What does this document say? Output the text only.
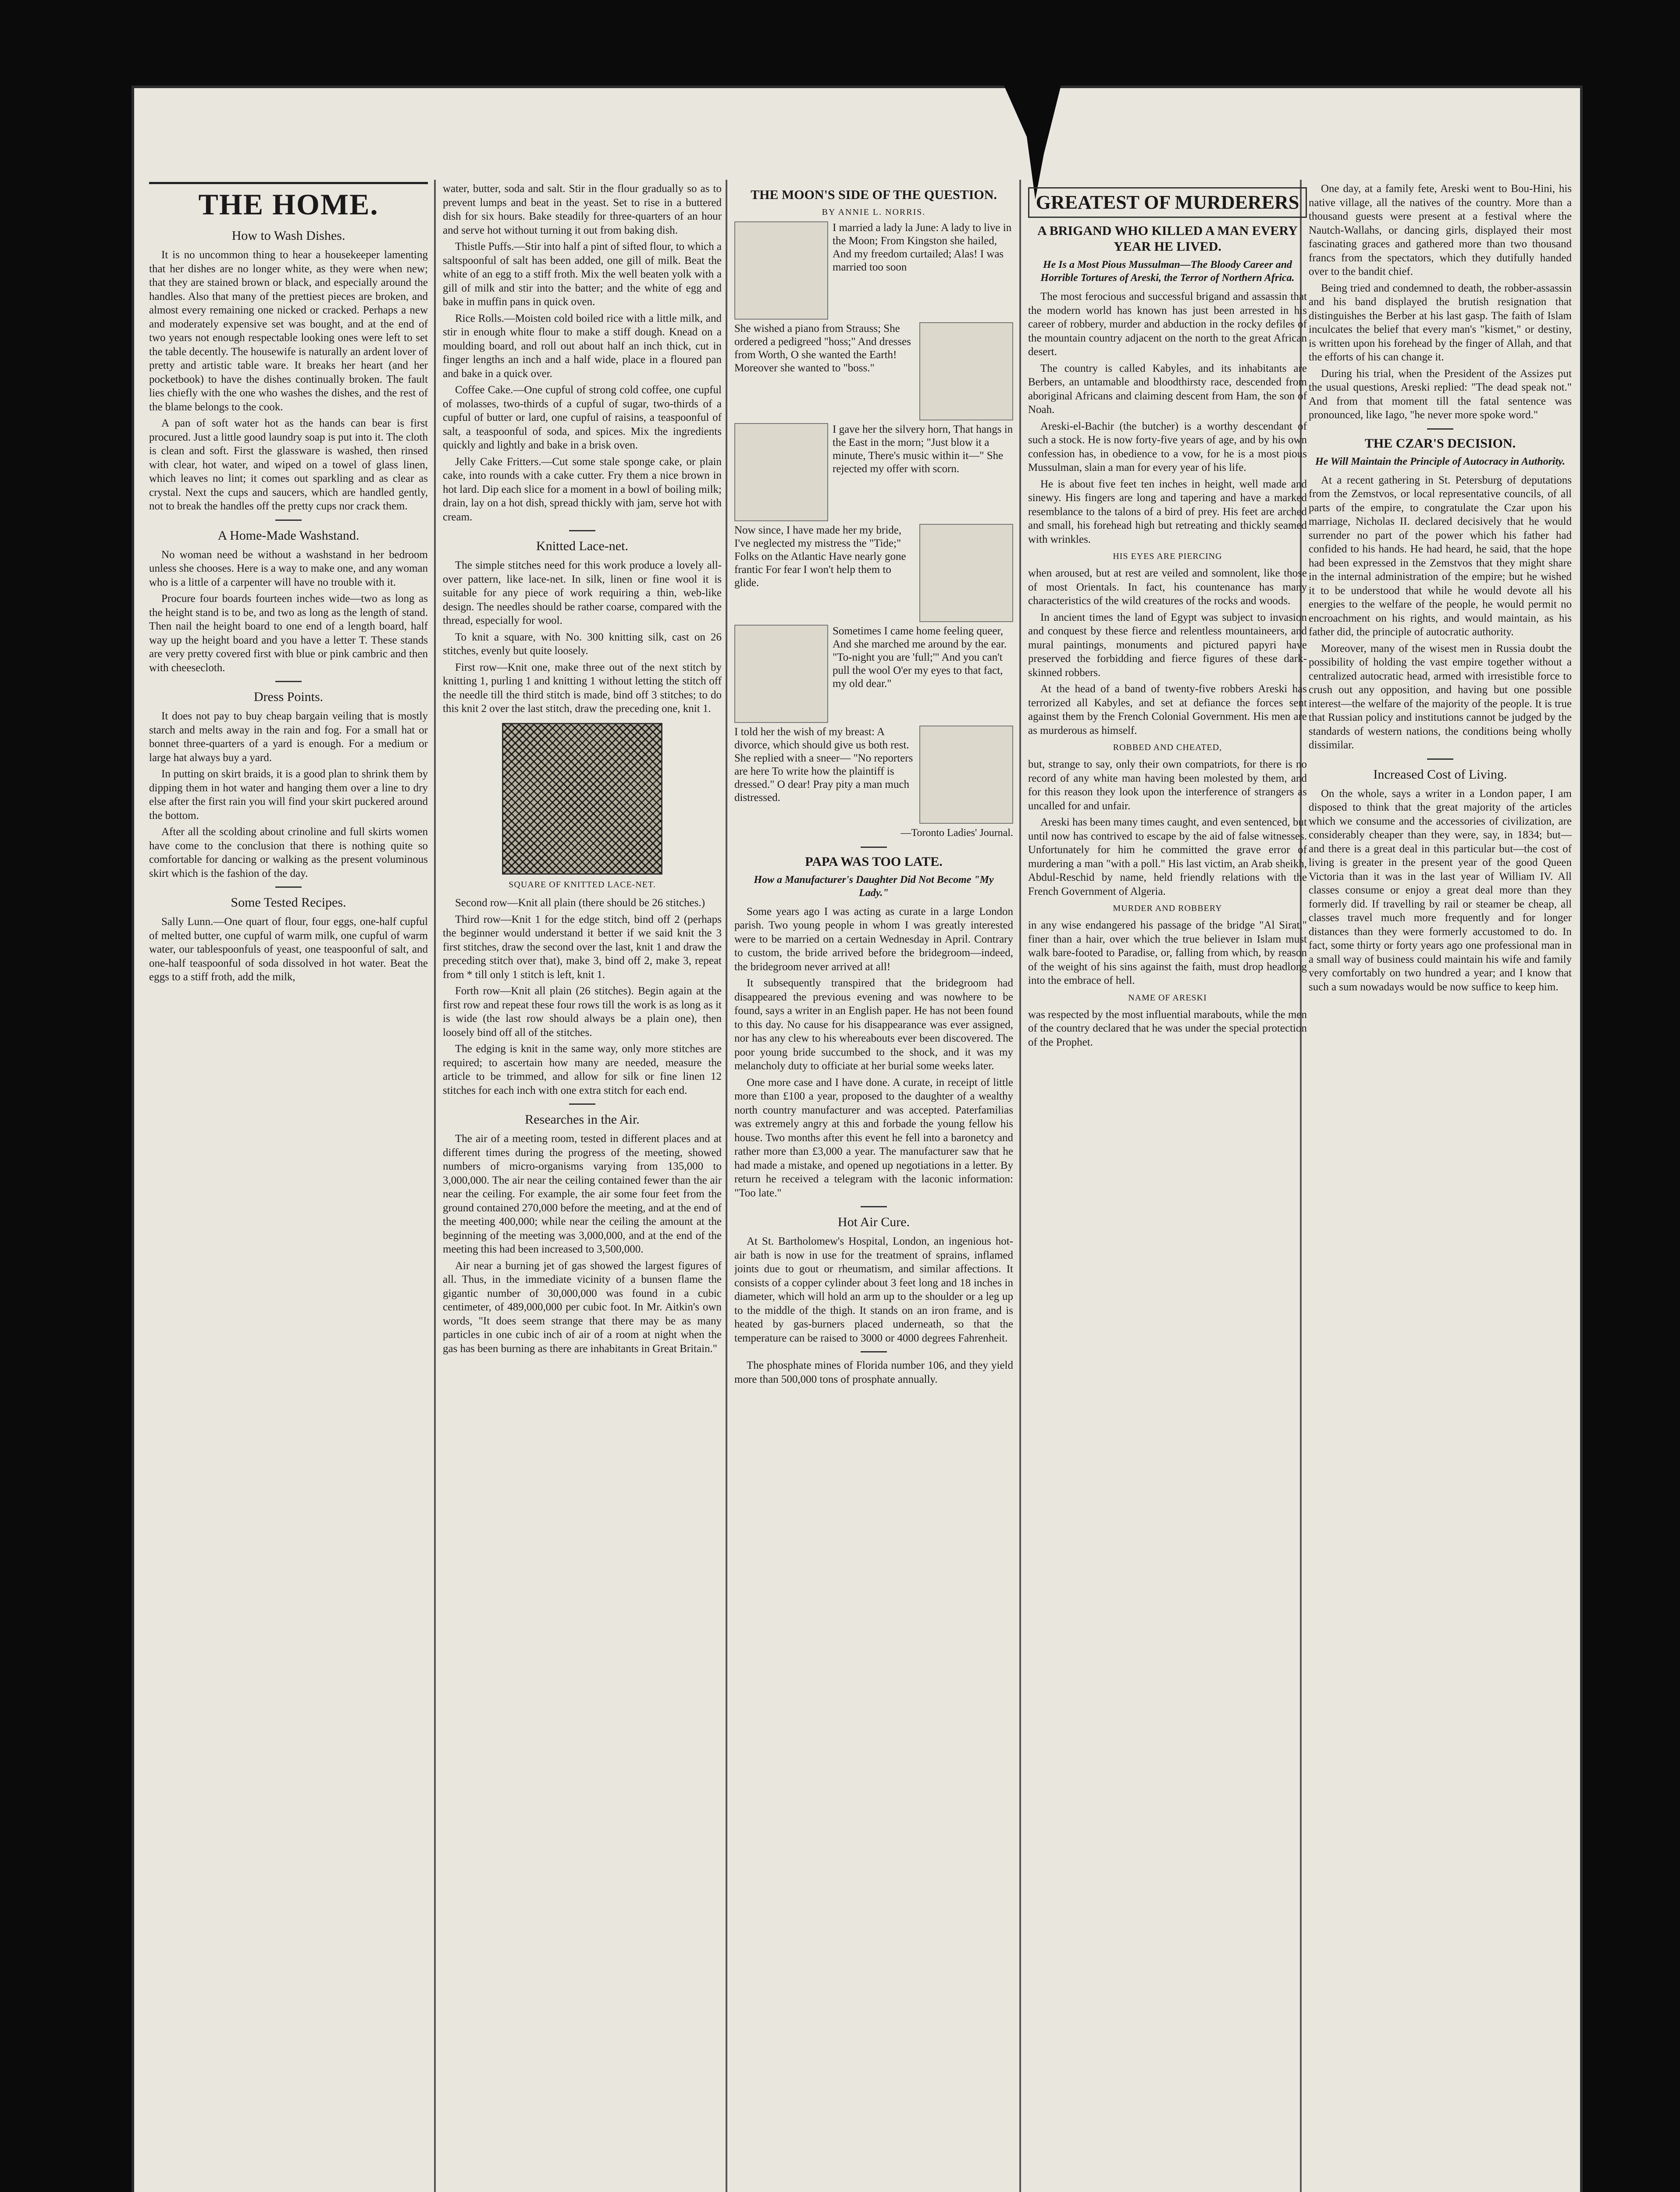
THE HOME.
How to Wash Dishes.

It is no uncommon thing to hear a housekeeper lamenting that her dishes are no longer white, as they were when new; that they are stained brown or black, and especially around the handles. Also that many of the prettiest pieces are broken, and almost every remaining one nicked or cracked. Perhaps a new and moderately expensive set was bought, and at the end of two years not enough respectable looking ones were left to set the table decently. The housewife is naturally an ardent lover of pretty and artistic table ware. It breaks her heart (and her pocketbook) to have the dishes continually broken. The fault lies chiefly with the one who washes the dishes, and the rest of the blame belongs to the cook.

A pan of soft water hot as the hands can bear is first procured. Just a little good laundry soap is put into it. The cloth is clean and soft. First the glassware is washed, then rinsed with clear, hot water, and wiped on a towel of glass linen, which leaves no lint; it comes out sparkling and as clear as crystal. Next the cups and saucers, which are handled gently, not to break the handles off the pretty cups nor crack them.

A Home-Made Washstand.

No woman need be without a washstand in her bedroom unless she chooses. Here is a way to make one, and any woman who is a little of a carpenter will have no trouble with it.

Procure four boards fourteen inches wide—two as long as the height stand is to be, and two as long as the length of stand. Then nail the height board to one end of a length board, half way up the height board and you have a letter T. These stands are very pretty covered first with blue or pink cambric and then with cheesecloth.

Dress Points.

It does not pay to buy cheap bargain veiling that is mostly starch and melts away in the rain and fog. For a small hat or bonnet three-quarters of a yard is enough. For a medium or large hat always buy a yard.

In putting on skirt braids, it is a good plan to shrink them by dipping them in hot water and hanging them over a line to dry else after the first rain you will find your skirt puckered around the bottom.

After all the scolding about crinoline and full skirts women have come to the conclusion that there is nothing quite so comfortable for dancing or walking as the present voluminous skirt which is the fashion of the day.

Some Tested Recipes.

Sally Lunn.—One quart of flour, four eggs, one-half cupful of melted butter, one cupful of warm milk, one cupful of warm water, our tablespoonfuls of yeast, one teaspoonful of salt, and one-half teaspoonful of soda dissolved in hot water. Beat the eggs to a stiff froth, add the milk,

water, butter, soda and salt. Stir in the flour gradually so as to prevent lumps and beat in the yeast. Set to rise in a buttered dish for six hours. Bake steadily for three-quarters of an hour and serve hot without turning it out from baking dish.

Thistle Puffs.—Stir into half a pint of sifted flour, to which a saltspoonful of salt has been added, one gill of milk. Beat the white of an egg to a stiff froth. Mix the well beaten yolk with a gill of milk and stir into the batter; and the white of egg and bake in muffin pans in quick oven.

Rice Rolls.—Moisten cold boiled rice with a little milk, and stir in enough white flour to make a stiff dough. Knead on a moulding board, and roll out about half an inch thick, cut in finger lengths an inch and a half wide, place in a floured pan and bake in a quick over.

Coffee Cake.—One cupful of strong cold coffee, one cupful of molasses, two-thirds of a cupful of sugar, two-thirds of a cupful of butter or lard, one cupful of raisins, a teaspoonful of salt, a teaspoonful of soda, and spices. Mix the ingredients quickly and lightly and bake in a brisk oven.

Jelly Cake Fritters.—Cut some stale sponge cake, or plain cake, into rounds with a cake cutter. Fry them a nice brown in hot lard. Dip each slice for a moment in a bowl of boiling milk; drain, lay on a hot dish, spread thickly with jam, serve hot with cream.

Knitted Lace-net.

The simple stitches need for this work produce a lovely all-over pattern, like lace-net. In silk, linen or fine wool it is suitable for any piece of work requiring a thin, web-like design. The needles should be rather coarse, compared with the thread, especially for wool.

To knit a square, with No. 300 knitting silk, cast on 26 stitches, evenly but quite loosely.

First row—Knit one, make three out of the next stitch by knitting 1, purling 1 and knitting 1 without letting the stitch off the needle till the third stitch is made, bind off 3 stitches; to do this knit 2 over the last stitch, draw the preceding one, knit 1.

SQUARE OF KNITTED LACE-NET.

Second row—Knit all plain (there should be 26 stitches.)

Third row—Knit 1 for the edge stitch, bind off 2 (perhaps the beginner would understand it better if we said knit the 3 first stitches, draw the second over the last, knit 1 and draw the preceding stitch over that), make 3, bind off 2, make 3, repeat from * till only 1 stitch is left, knit 1.

Forth row—Knit all plain (26 stitches). Begin again at the first row and repeat these four rows till the work is as long as it is wide (the last row should always be a plain one), then loosely bind off all of the stitches.

The edging is knit in the same way, only more stitches are required; to ascertain how many are needed, measure the article to be trimmed, and allow for silk or fine linen 12 stitches for each inch with one extra stitch for each end.

Researches in the Air.

The air of a meeting room, tested in different places and at different times during the progress of the meeting, showed numbers of micro-organisms varying from 135,000 to 3,000,000. The air near the ceiling contained fewer than the air near the ceiling. For example, the air some four feet from the ground contained 270,000 before the meeting, and at the end of the meeting 400,000; while near the ceiling the amount at the beginning of the meeting was 3,000,000, and at the end of the meeting this had been increased to 3,500,000.

Air near a burning jet of gas showed the largest figures of all. Thus, in the immediate vicinity of a bunsen flame the gigantic number of 30,000,000 was found in a cubic centimeter, of 489,000,000 per cubic foot. In Mr. Aitkin's own words, "It does seem strange that there may be as many particles in one cubic inch of air of a room at night when the gas has been burning as there are inhabitants in Great Britain."

THE MOON'S SIDE OF THE QUESTION.
BY ANNIE L. NORRIS.
I married a lady la June: A lady to live in the Moon; From Kingston she hailed, And my freedom curtailed; Alas! I was married too soon
She wished a piano from Strauss; She ordered a pedigreed "hoss;" And dresses from Worth, O she wanted the Earth! Moreover she wanted to "boss."
I gave her the silvery horn, That hangs in the East in the morn; "Just blow it a minute, There's music within it—" She rejected my offer with scorn.
Now since, I have made her my bride, I've neglected my mistress the "Tide;" Folks on the Atlantic Have nearly gone frantic For fear I won't help them to glide.
Sometimes I came home feeling queer, And she marched me around by the ear. "To-night you are 'full;'" And you can't pull the wool O'er my eyes to that fact, my old dear."
I told her the wish of my breast: A divorce, which should give us both rest. She replied with a sneer— "No reporters are here To write how the plaintiff is dressed." O dear! Pray pity a man much distressed.
—Toronto Ladies' Journal.
PAPA WAS TOO LATE.
How a Manufacturer's Daughter Did Not Become "My Lady."

Some years ago I was acting as curate in a large London parish. Two young people in whom I was greatly interested were to be married on a certain Wednesday in April. Contrary to custom, the bride arrived before the bridegroom—indeed, the bridegroom never arrived at all!

It subsequently transpired that the bridegroom had disappeared the previous evening and was nowhere to be found, says a writer in an English paper. He has not been found to this day. No cause for his disappearance was ever assigned, nor has any clew to his whereabouts ever been discovered. The poor young bride succumbed to the shock, and it was my melancholy duty to officiate at her burial some weeks later.

One more case and I have done. A curate, in receipt of little more than £100 a year, proposed to the daughter of a wealthy north country manufacturer and was accepted. Paterfamilias was extremely angry at this and forbade the young fellow his house. Two months after this event he fell into a baronetcy and rather more than £3,000 a year. The manufacturer saw that he had made a mistake, and opened up negotiations in a letter. By return he received a telegram with the laconic information: "Too late."

Hot Air Cure.

At St. Bartholomew's Hospital, London, an ingenious hot-air bath is now in use for the treatment of sprains, inflamed joints due to gout or rheumatism, and similar affections. It consists of a copper cylinder about 3 feet long and 18 inches in diameter, which will hold an arm up to the shoulder or a leg up to the middle of the thigh. It stands on an iron frame, and is heated by gas-burners placed underneath, so that the temperature can be raised to 3000 or 4000 degrees Fahrenheit.

The phosphate mines of Florida number 106, and they yield more than 500,000 tons of prosphate annually.

GREATEST OF MURDERERS
A BRIGAND WHO KILLED A MAN EVERY YEAR HE LIVED.
He Is a Most Pious Mussulman—The Bloody Career and Horrible Tortures of Areski, the Terror of Northern Africa.

The most ferocious and successful brigand and assassin that the modern world has known has just been arrested in his career of robbery, murder and abduction in the rocky defiles of the mountain country adjacent on the north to the great African desert.

The country is called Kabyles, and its inhabitants are Berbers, an untamable and bloodthirsty race, descended from aboriginal Africans and claiming descent from Ham, the son of Noah.

Areski-el-Bachir (the butcher) is a worthy descendant of such a stock. He is now forty-five years of age, and by his own confession has, in obedience to a vow, for he is a most pious Mussulman, slain a man for every year of his life.

He is about five feet ten inches in height, well made and sinewy. His fingers are long and tapering and have a marked resemblance to the talons of a bird of prey. His feet are arched and small, his forehead high but retreating and thickly seamed with wrinkles.

HIS EYES ARE PIERCING

when aroused, but at rest are veiled and somnolent, like those of most Orientals. In fact, his countenance has many characteristics of the wild creatures of the rocks and woods.

In ancient times the land of Egypt was subject to invasion and conquest by these fierce and relentless mountaineers, and mural paintings, monuments and pictured papyri have preserved the forbidding and fierce figures of these dark-skinned robbers.

At the head of a band of twenty-five robbers Areski has terrorized all Kabyles, and set at defiance the forces sent against them by the French Colonial Government. His men are as murderous as himself.

ROBBED AND CHEATED,

but, strange to say, only their own compatriots, for there is no record of any white man having been molested by them, and for this reason they look upon the interference of strangers as uncalled for and unfair.

Areski has been many times caught, and even sentenced, but until now has contrived to escape by the aid of false witnesses. Unfortunately for him he committed the grave error of murdering a man "with a poll." His last victim, an Arab sheikh, Abdul-Reschid by name, held friendly relations with the French Government of Algeria.

MURDER AND ROBBERY

in any wise endangered his passage of the bridge "Al Sirat," finer than a hair, over which the true believer in Islam must walk bare-footed to Paradise, or, falling from which, by reason of the weight of his sins against the faith, must drop headlong into the embrace of hell.

NAME OF ARESKI

was respected by the most influential marabouts, while the men of the country declared that he was under the special protection of the Prophet.

One day, at a family fete, Areski went to Bou-Hini, his native village, all the natives of the country. More than a thousand guests were present at a festival where the Nautch-Wallahs, or dancing girls, displayed their most fascinating graces and gathered more than two thousand francs from the spectators, which they dutifully handed over to the bandit chief.

Being tried and condemned to death, the robber-assassin and his band displayed the brutish resignation that distinguishes the Berber at his last gasp. The faith of Islam inculcates the belief that every man's "kismet," or destiny, is written upon his forehead by the finger of Allah, and that the efforts of his can change it.

During his trial, when the President of the Assizes put the usual questions, Areski replied: "The dead speak not." And from that moment till the fatal sentence was pronounced, like Iago, "he never more spoke word."

THE CZAR'S DECISION.
He Will Maintain the Principle of Autocracy in Authority.

At a recent gathering in St. Petersburg of deputations from the Zemstvos, or local representative councils, of all parts of the empire, to congratulate the Czar upon his marriage, Nicholas II. declared decisively that he would surrender no part of the power which his father had confided to his hands. He had heard, he said, that the hope had been expressed in the Zemstvos that they might share in the internal administration of the empire; but he wished it to be understood that while he would devote all his energies to the welfare of the people, he would permit no encroachment on his rights, and would maintain, as his father did, the principle of autocratic authority.

Moreover, many of the wisest men in Russia doubt the possibility of holding the vast empire together without a centralized autocratic head, armed with irresistible force to crush out any opposition, and having but one possible interest—the welfare of the majority of the people. It is true that Russian policy and institutions cannot be judged by the standards of western nations, the conditions being wholly dissimilar.

Increased Cost of Living.

On the whole, says a writer in a London paper, I am disposed to think that the great majority of the articles which we consume and the accessories of civilization, are considerably cheaper than they were, say, in 1834; but—and there is a great deal in this particular but—the cost of living is greater in the present year of the good Queen Victoria than it was in the last year of William IV. All classes consume or enjoy a great deal more than they formerly did. If travelling by rail or steamer be cheap, all classes travel much more frequently and for longer distances than they were formerly accustomed to do. In fact, some thirty or forty years ago one professional man in a small way of business could maintain his wife and family very comfortably on two hundred a year; and I know that such a sum nowadays would be now suffice to keep him.
